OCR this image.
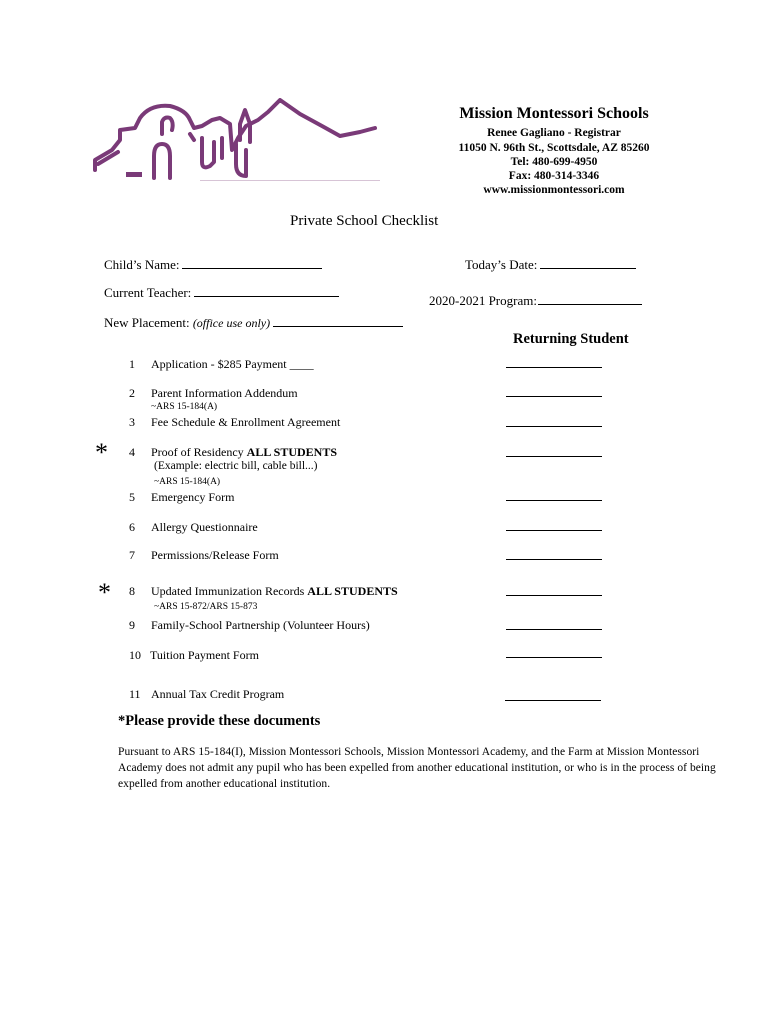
Mission Montessori Schools
Renee Gagliano - Registrar
11050 N. 96th St., Scottsdale, AZ 85260
Tel: 480-699-4950
Fax: 480-314-3346
www.missionmontessori.com
Private School Checklist
Child’s Name:	Today’s Date:
Current Teacher:
2020-2021 Program:
New Placement: (office use only)
Returning Student
1 Application - $285 Payment ____
2 Parent Information Addendum
~ARS 15-184(A)
3 Fee Schedule & Enrollment Agreement
* 4 Proof of Residency ALL STUDENTS
(Example: electric bill, cable bill...)
~ARS 15-184(A)
5 Emergency Form
6 Allergy Questionnaire
7 Permissions/Release Form
* 8 Updated Immunization Records ALL STUDENTS
~ARS 15-872/ARS 15-873
9 Family-School Partnership (Volunteer Hours)
10 Tuition Payment Form
11 Annual Tax Credit Program
*Please provide these documents
Pursuant to ARS 15-184(I), Mission Montessori Schools, Mission Montessori Academy, and the Farm at Mission Montessori Academy does not admit any pupil who has been expelled from another educational institution, or who is in the process of being expelled from another educational institution.
